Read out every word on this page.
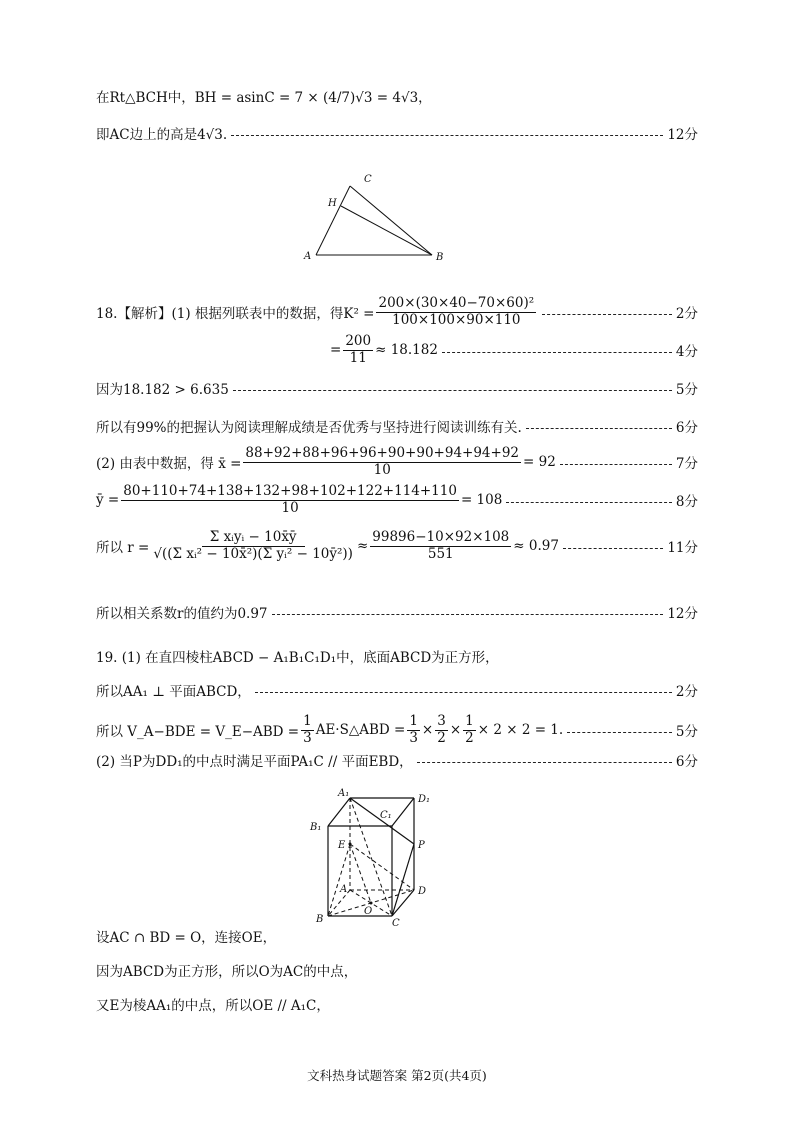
在Rt△BCH中，BH = asinC = 7 × (4/7)√3 = 4√3，
即AC边上的高是4√3.	12分
A	B
C
H
18.【解析】(1) 根据列联表中的数据，得$K^2 = \frac{\text{200×(30×40−70×60)²}}{100\times 100\times 90\times 110}$	2分
= $\frac{200}{11} \approx 18.182$	4分
因为18.182 > 6.635	5分
所以有99%的把握认为阅读理解成绩是否优秀与坚持进行阅读训练有关.	6分
(2) 由表中数据，得 x̄ = $\frac{88+92+88+96+96+90+90+94+94+92}{10} = 92$	7分
ȳ = $\frac{80+110+74+138+132+98+102+122+114+110}{10} = 108$	8分
所以 $r = \frac{\text{Σ xᵢyᵢ − 10x̄ȳ}}{\text{√((Σ xᵢ² − 10x̄²)(Σ yᵢ² − 10ȳ²))}} \approx \frac{99896-10\times 92\times 108}{551} \approx 0.97$	11分
所以相关系数r的值约为0.97	12分
19. (1) 在直四棱柱ABCD − A₁B₁C₁D₁中，底面ABCD为正方形，
所以AA₁ ⊥ 平面ABCD，	2分
所以 V_A−BDE = V_E−ABD = $\frac{1}{3}$ AE·S△ABD = $\frac{1}{3} \times \frac{3}{2} \times \frac{1}{2} \times 2 \times 2 = 1$.	5分
(2) 当P为DD₁的中点时满足平面PA₁C // 平面EBD，	6分
A₁
D₁
B₁
C₁
E	P
A	D
B
O
C
设AC ∩ BD = O，连接OE，
因为ABCD为正方形，所以O为AC的中点，
又E为棱AA₁的中点，所以OE // A₁C，
文科热身试题答案 第2页(共4页)
